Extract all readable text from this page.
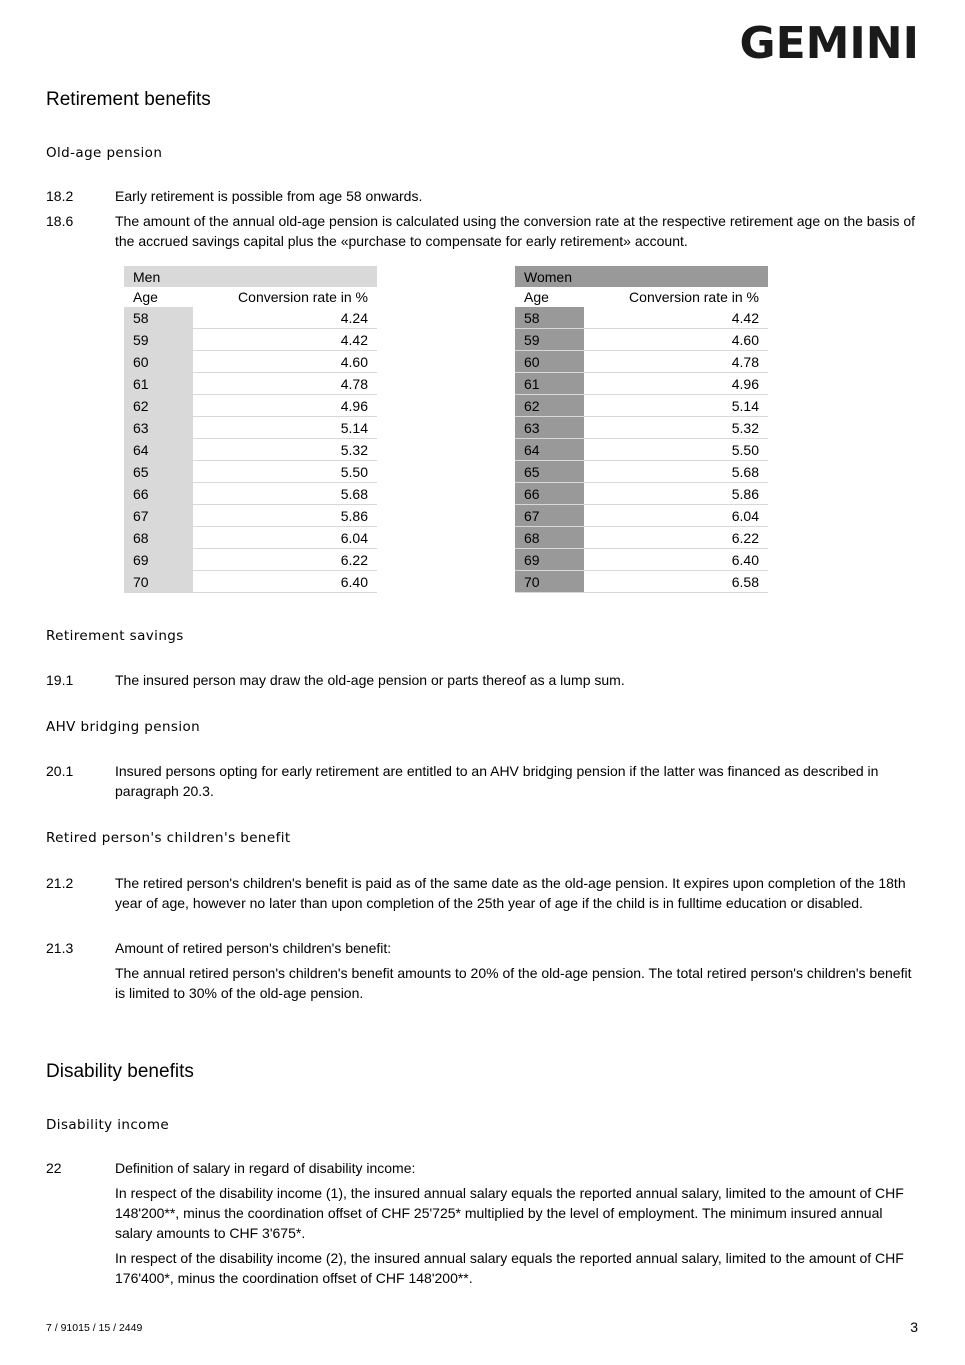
GEMINI
Retirement benefits
Old-age pension
18.2	Early retirement is possible from age 58 onwards.
18.6	The amount of the annual old-age pension is calculated using the conversion rate at the respective retirement age on the basis of the accrued savings capital plus the «purchase to compensate for early retirement» account.
Retirement savings
19.1	The insured person may draw the old-age pension or parts thereof as a lump sum.
AHV bridging pension
20.1	Insured persons opting for early retirement are entitled to an AHV bridging pension if the latter was financed as described in paragraph 20.3.
Retired person's children's benefit
21.2	The retired person's children's benefit is paid as of the same date as the old-age pension. It expires upon completion of the 18th year of age, however no later than upon completion of the 25th year of age if the child is in fulltime education or disabled.
21.3	Amount of retired person's children's benefit:
The annual retired person's children's benefit amounts to 20% of the old-age pension. The total retired person's children's benefit is limited to 30% of the old-age pension.
Disability benefits
Disability income
22	Definition of salary in regard of disability income:
In respect of the disability income (1), the insured annual salary equals the reported annual salary, limited to the amount of CHF 148'200**, minus the coordination offset of CHF 25'725* multiplied by the level of employment. The minimum insured annual salary amounts to CHF 3'675*.
In respect of the disability income (2), the insured annual salary equals the reported annual salary, limited to the amount of CHF 176'400*, minus the coordination offset of CHF 148'200**.
Men	
Age	Conversion rate in %
58	4.24
59	4.42
60	4.60
61	4.78
62	4.96
63	5.14
64	5.32
65	5.50
66	5.68
67	5.86
68	6.04
69	6.22
70	6.40
Women	
Age	Conversion rate in %
58	4.42
59	4.60
60	4.78
61	4.96
62	5.14
63	5.32
64	5.50
65	5.68
66	5.86
67	6.04
68	6.22
69	6.40
70	6.58
7 / 91015 / 15 / 2449	3
